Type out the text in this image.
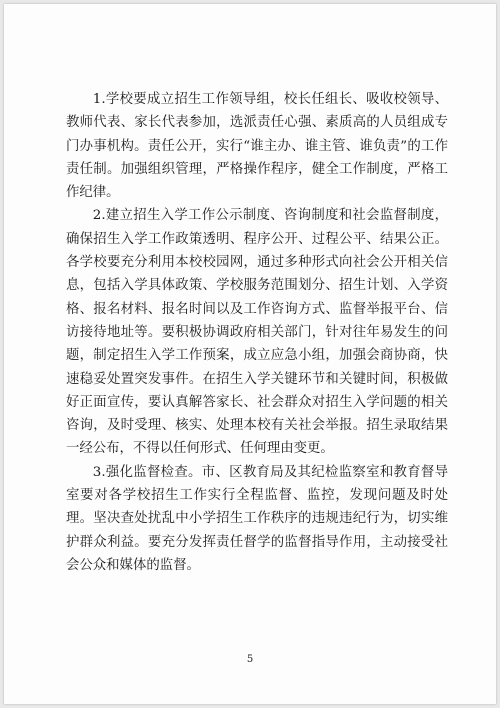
1.学校要成立招生工作领导组，校长任组长、吸收校领导、教师代表、家长代表参加，选派责任心强、素质高的人员组成专门办事机构。责任公开，实行“谁主办、谁主管、谁负责”的工作责任制。加强组织管理，严格操作程序，健全工作制度，严格工作纪律。

2.建立招生入学工作公示制度、咨询制度和社会监督制度，确保招生入学工作政策透明、程序公开、过程公平、结果公正。各学校要充分利用本校校园网，通过多种形式向社会公开相关信息，包括入学具体政策、学校服务范围划分、招生计划、入学资格、报名材料、报名时间以及工作咨询方式、监督举报平台、信访接待地址等。要积极协调政府相关部门，针对往年易发生的问题，制定招生入学工作预案，成立应急小组，加强会商协商，快速稳妥处置突发事件。在招生入学关键环节和关键时间，积极做好正面宣传，要认真解答家长、社会群众对招生入学问题的相关咨询，及时受理、核实、处理本校有关社会举报。招生录取结果一经公布，不得以任何形式、任何理由变更。

3.强化监督检查。市、区教育局及其纪检监察室和教育督导室要对各学校招生工作实行全程监督、监控，发现问题及时处理。坚决查处扰乱中小学招生工作秩序的违规违纪行为，切实维护群众利益。要充分发挥责任督学的监督指导作用，主动接受社会公众和媒体的监督。

5
